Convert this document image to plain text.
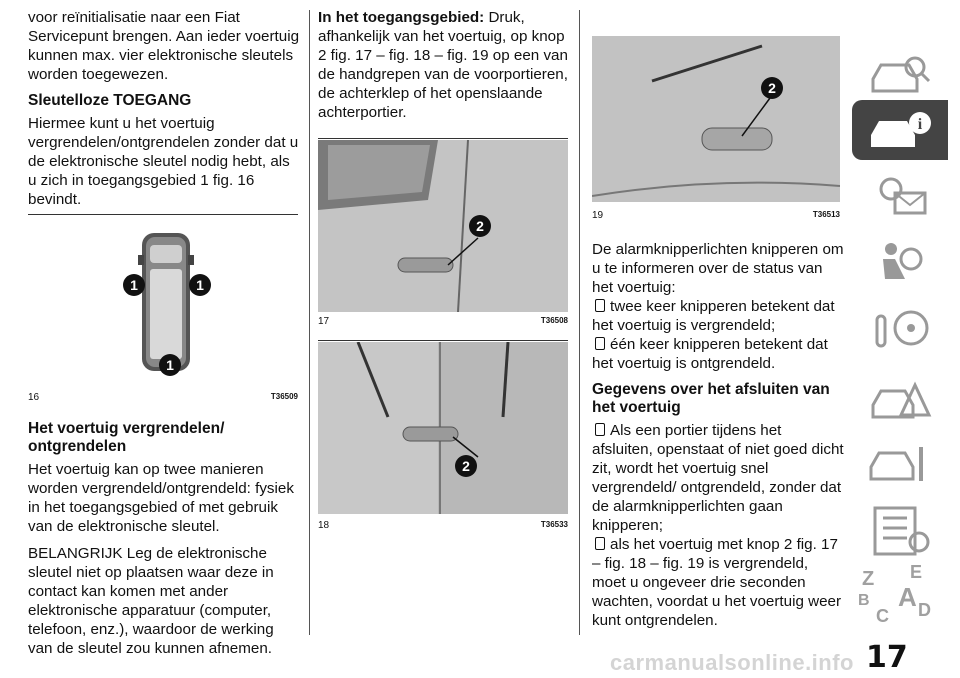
voor reïnitialisatie naar een Fiat Servicepunt brengen. Aan ieder voertuig kunnen max. vier elektronische sleutels worden toegewezen.

Sleutelloze TOEGANG

Hiermee kunt u het voertuig vergrendelen/ontgrendelen zonder dat u de elektronische sleutel nodig hebt, als u zich in toegangsgebied 1 fig. 16 bevindt.

1	1
1
16	T36509
Het voertuig vergrendelen/ ontgrendelen

Het voertuig kan op twee manieren worden vergrendeld/ontgrendeld: fysiek in het toegangsgebied of met gebruik van de elektronische sleutel.

BELANGRIJK Leg de elektronische sleutel niet op plaatsen waar deze in contact kan komen met ander elektronische apparatuur (computer, telefoon, enz.), waardoor de werking van de sleutel zou kunnen afnemen.

In het toegangsgebied: Druk, afhankelijk van het voertuig, op knop 2 fig. 17 – fig. 18 – fig. 19 op een van de handgrepen van de voorportieren, de achterklep of het openslaande achterportier.

2
17	T36508
2
18	T36533
2
19	T36513

De alarmknipperlichten knipperen om u te informeren over de status van het voertuig:
twee keer knipperen betekent dat het voertuig is vergrendeld;
één keer knipperen betekent dat het voertuig is ontgrendeld.

Gegevens over het afsluiten van het voertuig

Als een portier tijdens het afsluiten, openstaat of niet goed dicht zit, wordt het voertuig snel vergrendeld/ ontgrendeld, zonder dat de alarmknipperlichten gaan knipperen;
als het voertuig met knop 2 fig. 17 – fig. 18 – fig. 19 is vergrendeld, moet u ongeveer drie seconden wachten, voordat u het voertuig weer kunt ontgrendelen.

i
Z E
B A
C D
17
carmanualsonline.info
